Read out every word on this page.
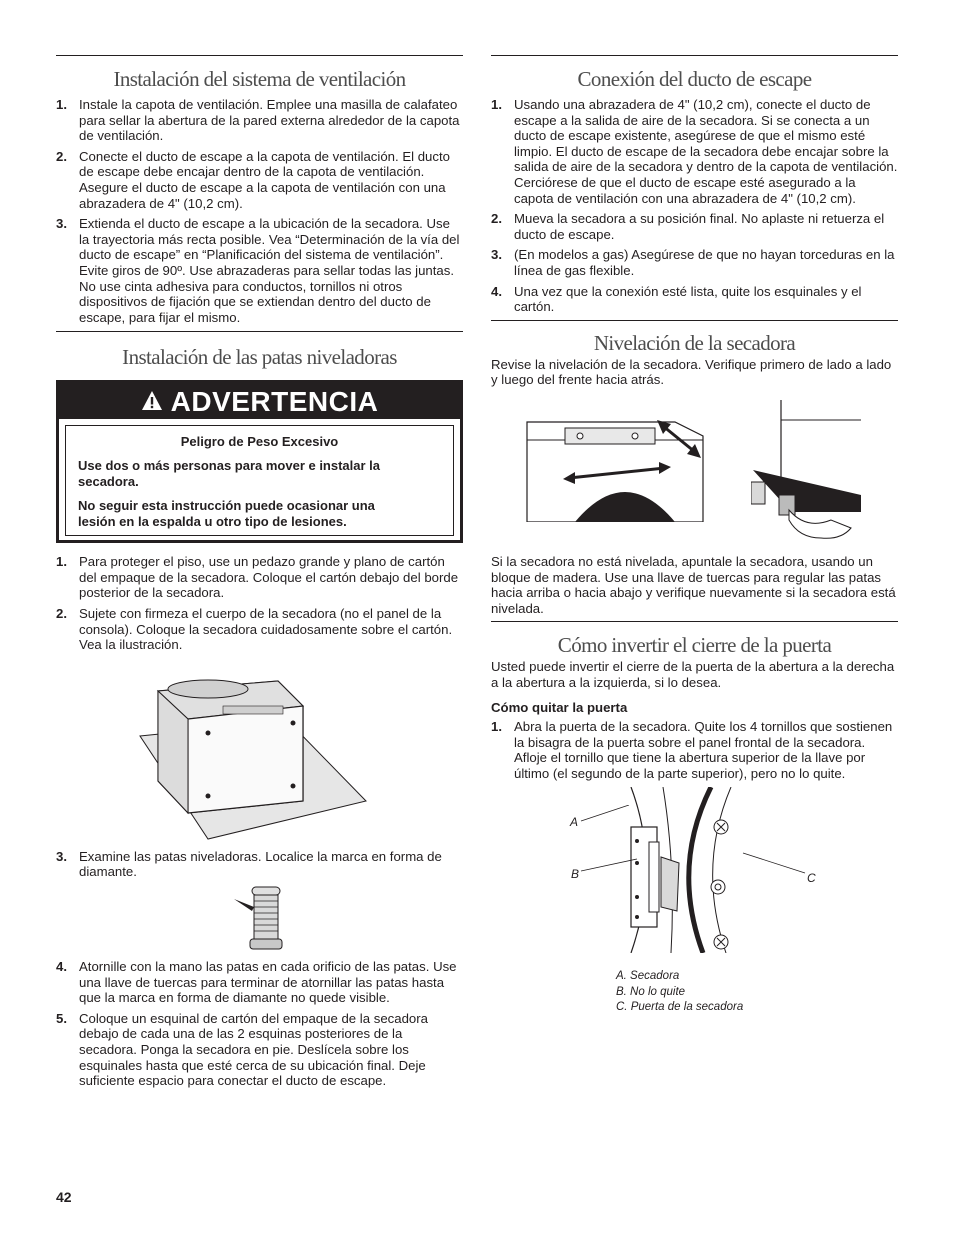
Instalación del sistema de ventilación
1. Instale la capota de ventilación. Emplee una masilla de calafateo para sellar la abertura de la pared externa alrededor de la capota de ventilación.
2. Conecte el ducto de escape a la capota de ventilación. El ducto de escape debe encajar dentro de la capota de ventilación. Asegure el ducto de escape a la capota de ventilación con una abrazadera de 4" (10,2 cm).
3. Extienda el ducto de escape a la ubicación de la secadora. Use la trayectoria más recta posible. Vea “Determinación de la vía del ducto de escape” en “Planificación del sistema de ventilación”. Evite giros de 90º. Use abrazaderas para sellar todas las juntas. No use cinta adhesiva para conductos, tornillos ni otros dispositivos de fijación que se extiendan dentro del ducto de escape, para fijar el mismo.
Instalación de las patas niveladoras
ADVERTENCIA
Peligro de Peso Excesivo

Use dos o más personas para mover e instalar la secadora.

No seguir esta instrucción puede ocasionar una lesión en la espalda u otro tipo de lesiones.

1. Para proteger el piso, use un pedazo grande y plano de cartón del empaque de la secadora. Coloque el cartón debajo del borde posterior de la secadora.
2. Sujete con firmeza el cuerpo de la secadora (no el panel de la consola). Coloque la secadora cuidadosamente sobre el cartón. Vea la ilustración.
3. Examine las patas niveladoras. Localice la marca en forma de diamante.
4. Atornille con la mano las patas en cada orificio de las patas. Use una llave de tuercas para terminar de atornillar las patas hasta que la marca en forma de diamante no quede visible.
5. Coloque un esquinal de cartón del empaque de la secadora debajo de cada una de las 2 esquinas posteriores de la secadora. Ponga la secadora en pie. Deslícela sobre los esquinales hasta que esté cerca de su ubicación final. Deje suficiente espacio para conectar el ducto de escape.
Conexión del ducto de escape
1. Usando una abrazadera de 4" (10,2 cm), conecte el ducto de escape a la salida de aire de la secadora. Si se conecta a un ducto de escape existente, asegúrese de que el mismo esté limpio. El ducto de escape de la secadora debe encajar sobre la salida de aire de la secadora y dentro de la capota de ventilación. Cerciórese de que el ducto de escape esté asegurado a la capota de ventilación con una abrazadera de 4" (10,2 cm).
2. Mueva la secadora a su posición final. No aplaste ni retuerza el ducto de escape.
3. (En modelos a gas) Asegúrese de que no hayan torceduras en la línea de gas flexible.
4. Una vez que la conexión esté lista, quite los esquinales y el cartón.
Nivelación de la secadora

Revise la nivelación de la secadora. Verifique primero de lado a lado y luego del frente hacia atrás.

Si la secadora no está nivelada, apuntale la secadora, usando un bloque de madera. Use una llave de tuercas para regular las patas hacia arriba o hacia abajo y verifique nuevamente si la secadora está nivelada.

Cómo invertir el cierre de la puerta

Usted puede invertir el cierre de la puerta de la abertura a la derecha a la abertura a la izquierda, si lo desea.

Cómo quitar la puerta
1. Abra la puerta de la secadora. Quite los 4 tornillos que sostienen la bisagra de la puerta sobre el panel frontal de la secadora. Afloje el tornillo que tiene la abertura superior de la llave por último (el segundo de la parte superior), pero no lo quite.
A
B	C
A. Secadora
B. No lo quite
C. Puerta de la secadora
42
